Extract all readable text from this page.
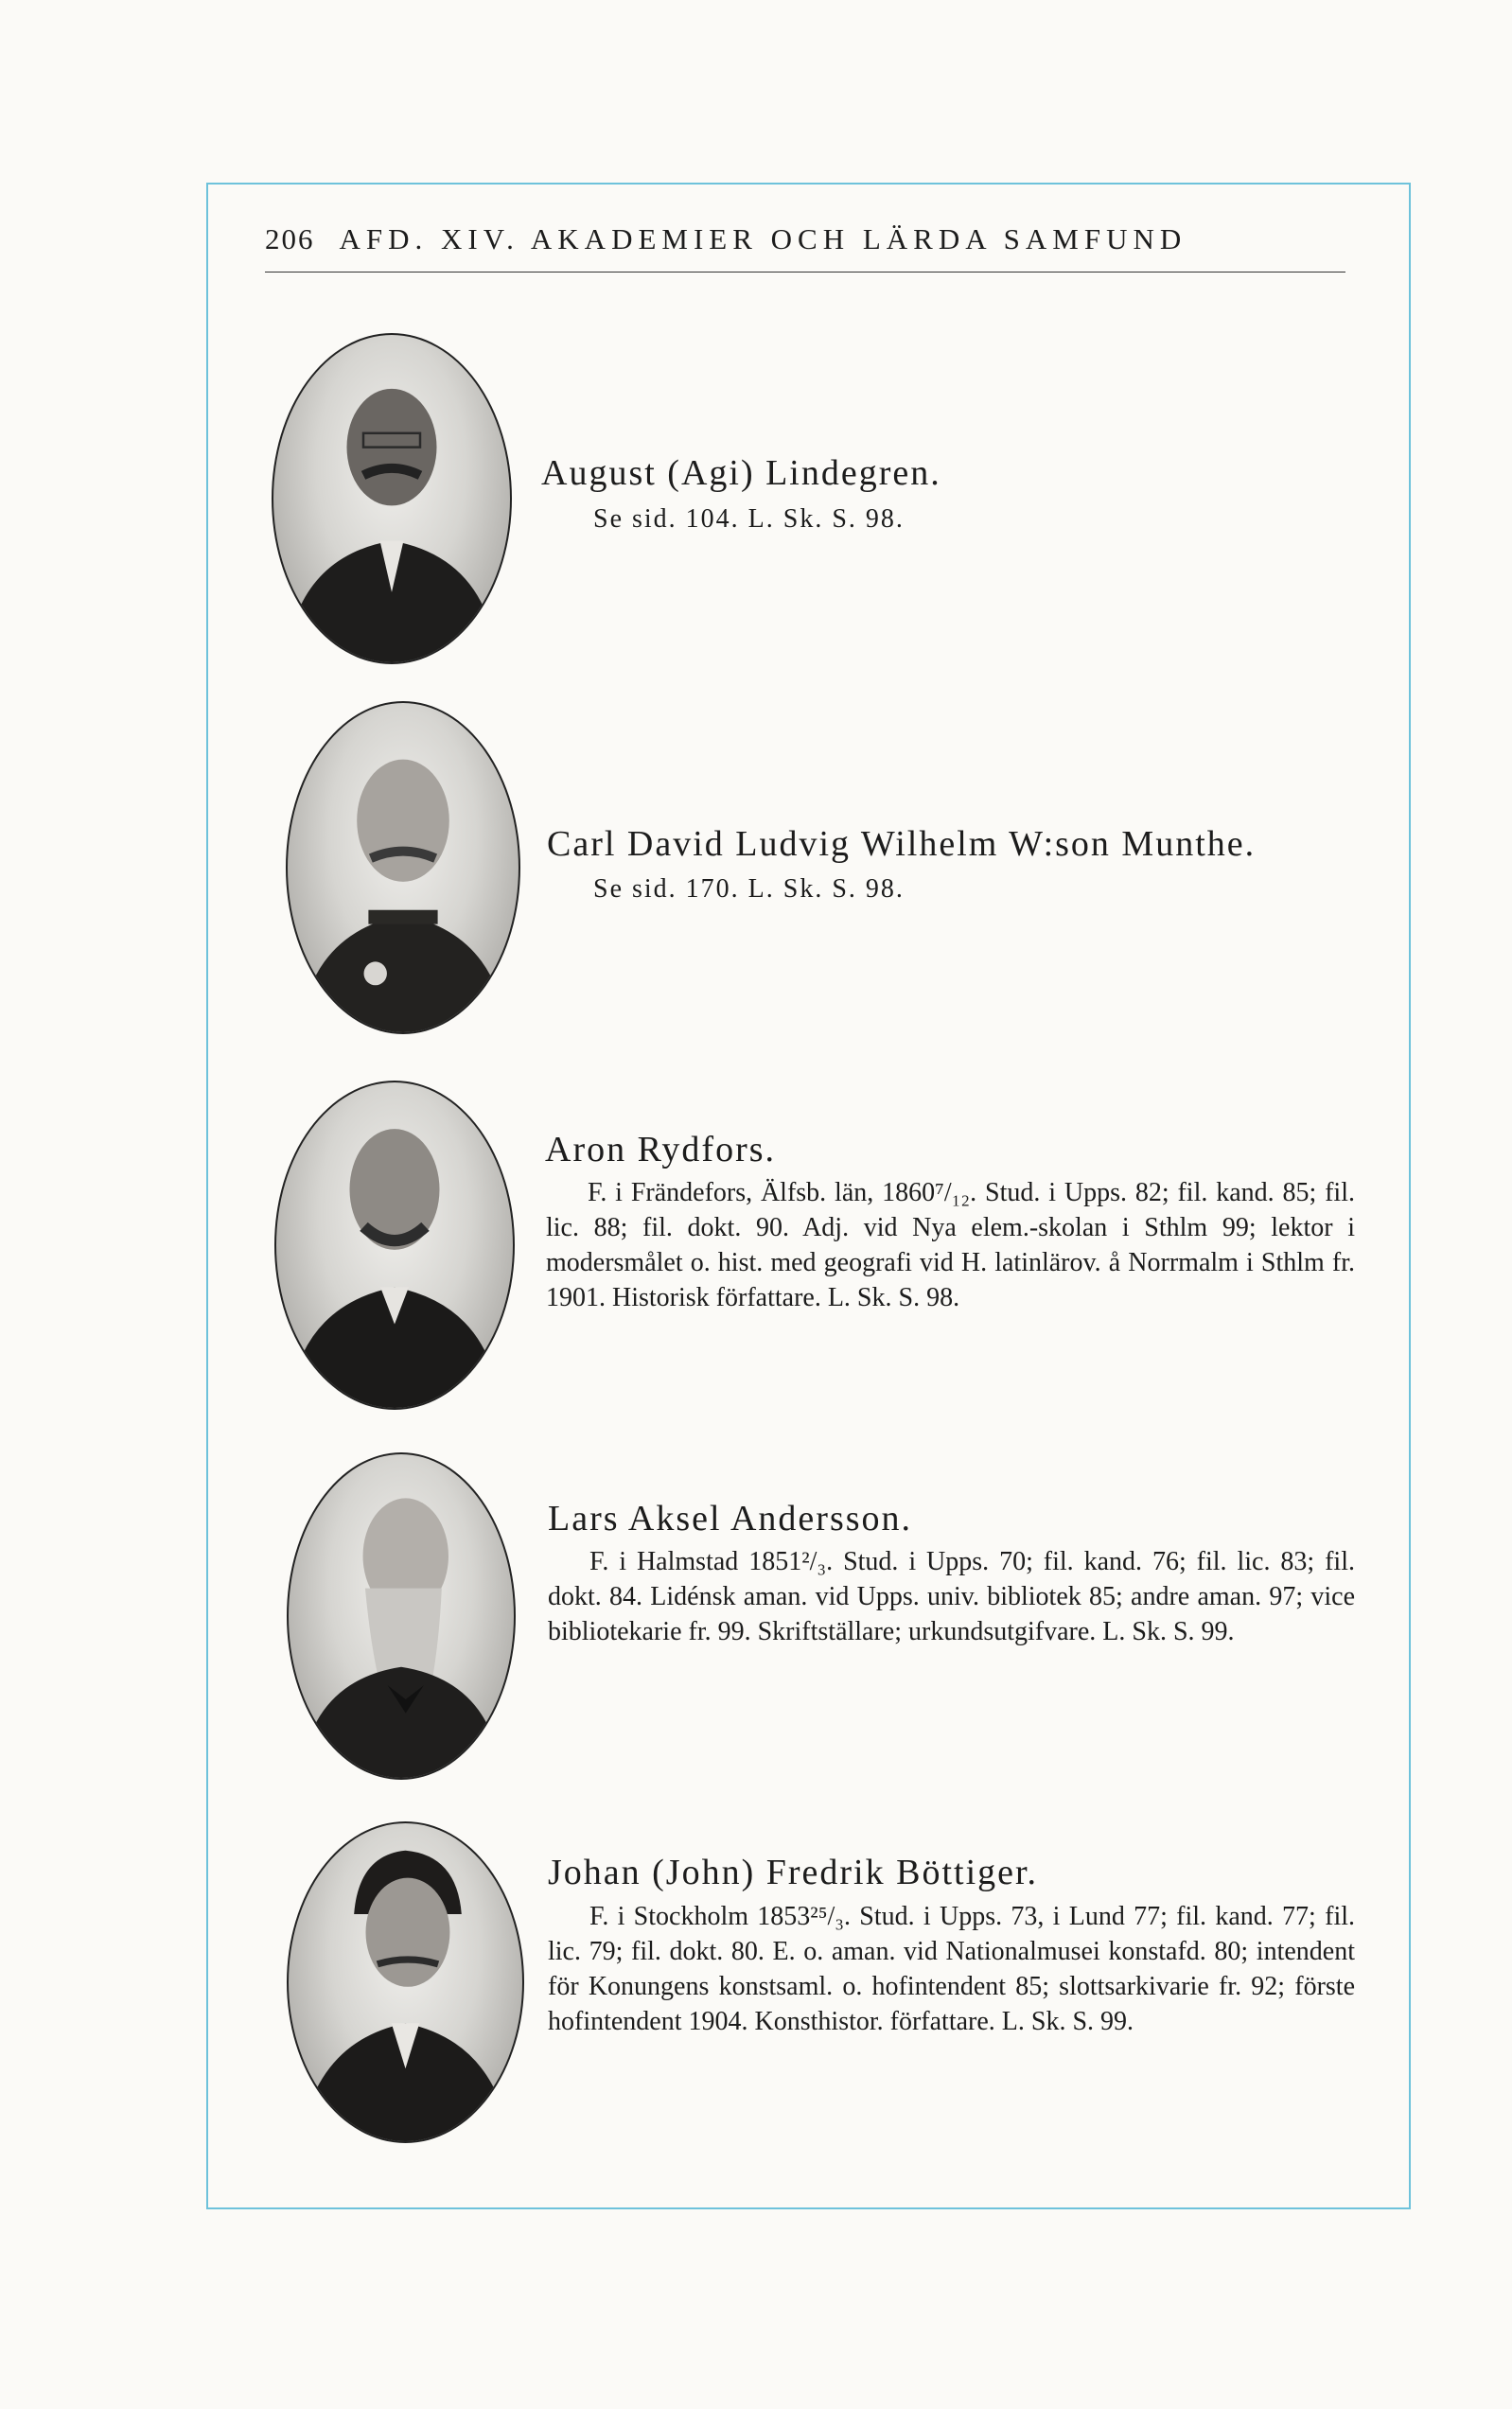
206 AFD. XIV. AKADEMIER OCH LÄRDA SAMFUND
August (Agi) Lindegren.
Se sid. 104. L. Sk. S. 98.
Carl David Ludvig Wilhelm W:son Munthe.
Se sid. 170. L. Sk. S. 98.
Aron Rydfors.
F. i Frändefors, Älfsb. län, 1860⁷/₁₂. Stud. i Upps. 82; fil. kand. 85; fil. lic. 88; fil. dokt. 90. Adj. vid Nya elem.-skolan i Sthlm 99; lektor i modersmålet o. hist. med geografi vid H. latinlärov. å Norrmalm i Sthlm fr. 1901. Historisk författare. L. Sk. S. 98.
Lars Aksel Andersson.
F. i Halmstad 1851²/₃. Stud. i Upps. 70; fil. kand. 76; fil. lic. 83; fil. dokt. 84. Lidénsk aman. vid Upps. univ. bibliotek 85; andre aman. 97; vice bibliotekarie fr. 99. Skriftställare; urkundsutgifvare. L. Sk. S. 99.
Johan (John) Fredrik Böttiger.
F. i Stockholm 1853²⁵/₃. Stud. i Upps. 73, i Lund 77; fil. kand. 77; fil. lic. 79; fil. dokt. 80. E. o. aman. vid Nationalmusei konstafd. 80; intendent för Konungens konstsaml. o. hofintendent 85; slottsarkivarie fr. 92; förste hofintendent 1904. Konsthistor. författare. L. Sk. S. 99.
